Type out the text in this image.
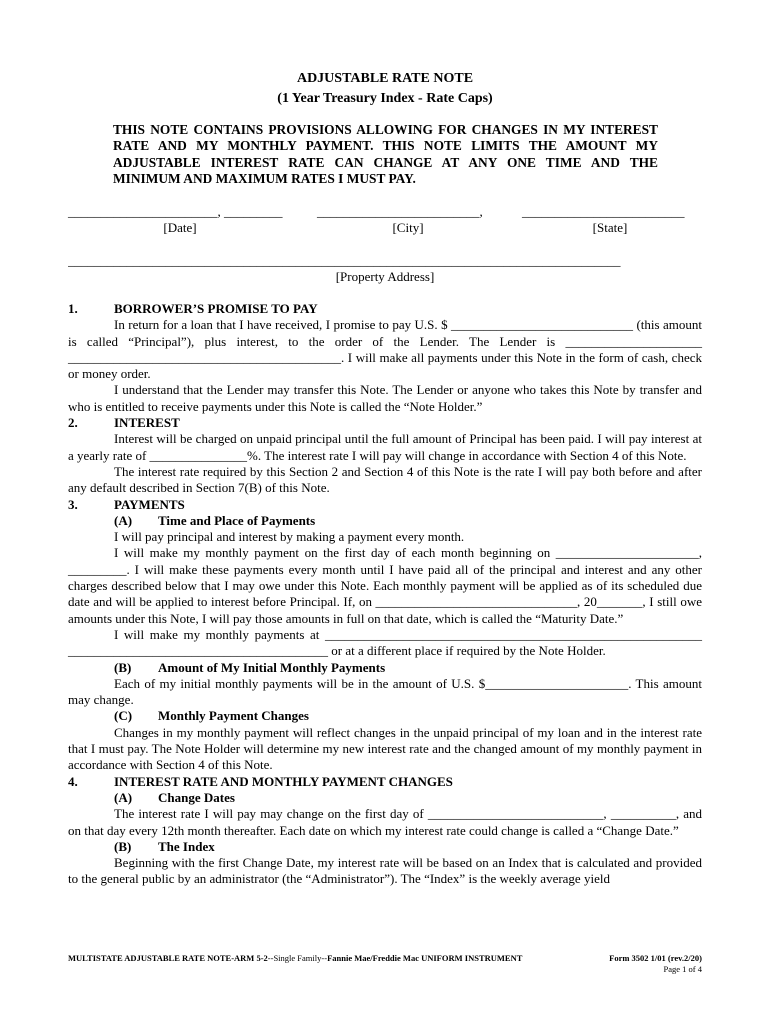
ADJUSTABLE RATE NOTE
(1 Year Treasury Index - Rate Caps)
THIS NOTE CONTAINS PROVISIONS ALLOWING FOR CHANGES IN MY INTEREST RATE AND MY MONTHLY PAYMENT. THIS NOTE LIMITS THE AMOUNT MY ADJUSTABLE INTEREST RATE CAN CHANGE AT ANY ONE TIME AND THE MINIMUM AND MAXIMUM RATES I MUST PAY.
_______________________, _________	_________________________,	_________________________
[Date]	[City]	[State]
_____________________________________________________________________________________
[Property Address]
1.	BORROWER’S PROMISE TO PAY

In return for a loan that I have received, I promise to pay U.S. $ ____________________________ (this amount is called “Principal”), plus interest, to the order of the Lender. The Lender is _____________________ __________________________________________. I will make all payments under this Note in the form of cash, check or money order.

I understand that the Lender may transfer this Note. The Lender or anyone who takes this Note by transfer and who is entitled to receive payments under this Note is called the “Note Holder.”

2.	INTEREST

Interest will be charged on unpaid principal until the full amount of Principal has been paid. I will pay interest at a yearly rate of _______________%. The interest rate I will pay will change in accordance with Section 4 of this Note.

The interest rate required by this Section 2 and Section 4 of this Note is the rate I will pay both before and after any default described in Section 7(B) of this Note.

3.	PAYMENTS
(A)	Time and Place of Payments

I will pay principal and interest by making a payment every month.

I will make my monthly payment on the first day of each month beginning on ______________________, _________. I will make these payments every month until I have paid all of the principal and interest and any other charges described below that I may owe under this Note. Each monthly payment will be applied as of its scheduled due date and will be applied to interest before Principal. If, on _______________________________, 20_______, I still owe amounts under this Note, I will pay those amounts in full on that date, which is called the “Maturity Date.”

I will make my monthly payments at __________________________________________________________ ________________________________________ or at a different place if required by the Note Holder.

(B)	Amount of My Initial Monthly Payments

Each of my initial monthly payments will be in the amount of U.S. $______________________. This amount may change.

(C)	Monthly Payment Changes

Changes in my monthly payment will reflect changes in the unpaid principal of my loan and in the interest rate that I must pay. The Note Holder will determine my new interest rate and the changed amount of my monthly payment in accordance with Section 4 of this Note.

4.	INTEREST RATE AND MONTHLY PAYMENT CHANGES
(A)	Change Dates

The interest rate I will pay may change on the first day of ___________________________, __________, and on that day every 12th month thereafter. Each date on which my interest rate could change is called a “Change Date.”

(B)	The Index

Beginning with the first Change Date, my interest rate will be based on an Index that is calculated and provided to the general public by an administrator (the “Administrator”). The “Index” is the weekly average yield

MULTISTATE ADJUSTABLE RATE NOTE-ARM 5-2--Single Family--Fannie Mae/Freddie Mac UNIFORM INSTRUMENT	Form 3502 1/01 (rev.2/20)
Page 1 of 4
